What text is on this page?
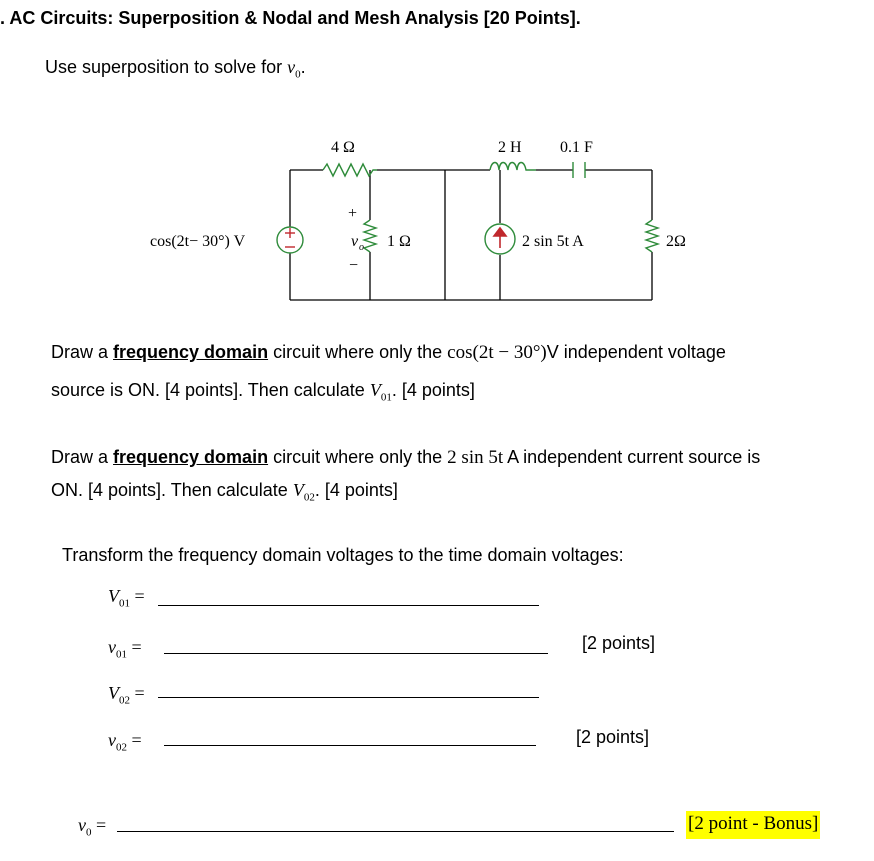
. AC Circuits: Superposition & Nodal and Mesh Analysis [20 Points].
Use superposition to solve for $v_0$.
4 Ω	2 H 0.1 F
cos(2t− 30°) V	1 Ω	2 sin 5t A	2Ω
v o
+
−
Draw a frequency domain circuit where only the cos(2t − 30°)V independent voltage
source is ON. [4 points]. Then calculate $V_{01}$. [4 points]
Draw a frequency domain circuit where only the 2 sin 5t A independent current source is
ON. [4 points]. Then calculate $V_{02}$. [4 points]
Transform the frequency domain voltages to the time domain voltages:
$V_{01}$ =
$v_{01}$ =	[2 points]
$V_{02}$ =
$v_{02}$ =	[2 points]
$v_0$ =	[2 point - Bonus]
